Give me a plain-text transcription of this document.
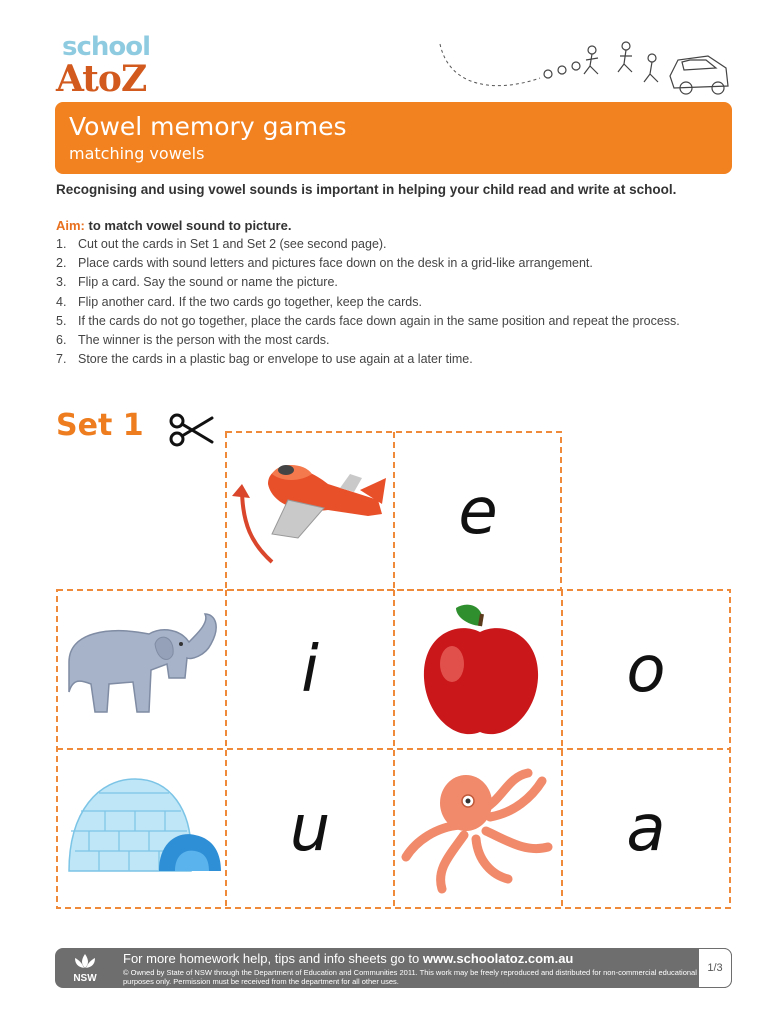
school
AtoZ
Vowel memory games
matching vowels
Recognising and using vowel sounds is important in helping your child read and write at school.
Aim: to match vowel sound to picture.
1. Cut out the cards in Set 1 and Set 2 (see second page).
2. Place cards with sound letters and pictures face down on the desk in a grid-like arrangement.
3. Flip a card. Say the sound or name the picture.
4. Flip another card. If the two cards go together, keep the cards.
5. If the cards do not go together, place the cards face down again in the same position and repeat the process.
6. The winner is the person with the most cards.
7. Store the cards in a plastic bag or envelope to use again at a later time.
Set 1
e
i	o
u	a
NSW
For more homework help, tips and info sheets go to www.schoolatoz.com.au
© Owned by State of NSW through the Department of Education and Communities 2011. This work may be freely reproduced and distributed for non-commercial educational purposes only. Permission must be received from the department for all other uses.
1/3
